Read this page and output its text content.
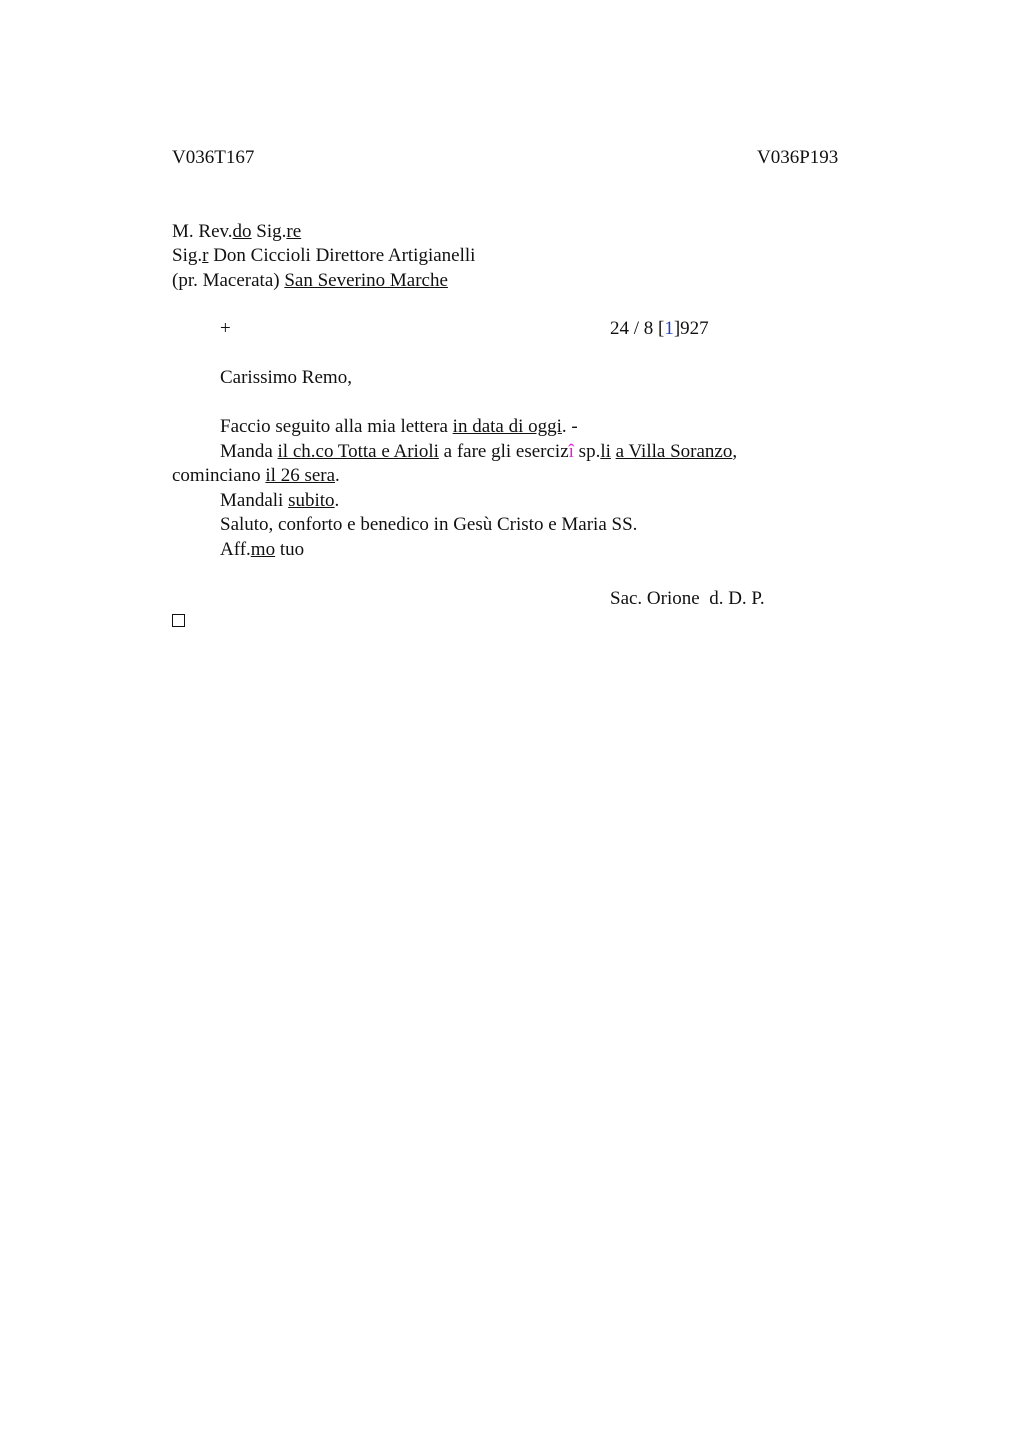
V036T167	V036P193
M. Rev.do Sig.re
Sig.r Don Ciccioli Direttore Artigianelli
(pr. Macerata) San Severino Marche
+	24 / 8 [1]927
Carissimo Remo,
Faccio seguito alla mia lettera in data di oggi. -
Manda il ch.co Totta e Arioli a fare gli esercizî sp.li a Villa Soranzo,
cominciano il 26 sera.
Mandali subito.
Saluto, conforto e benedico in Gesù Cristo e Maria SS.
Aff.mo tuo
Sac. Orione  d. D. P.
